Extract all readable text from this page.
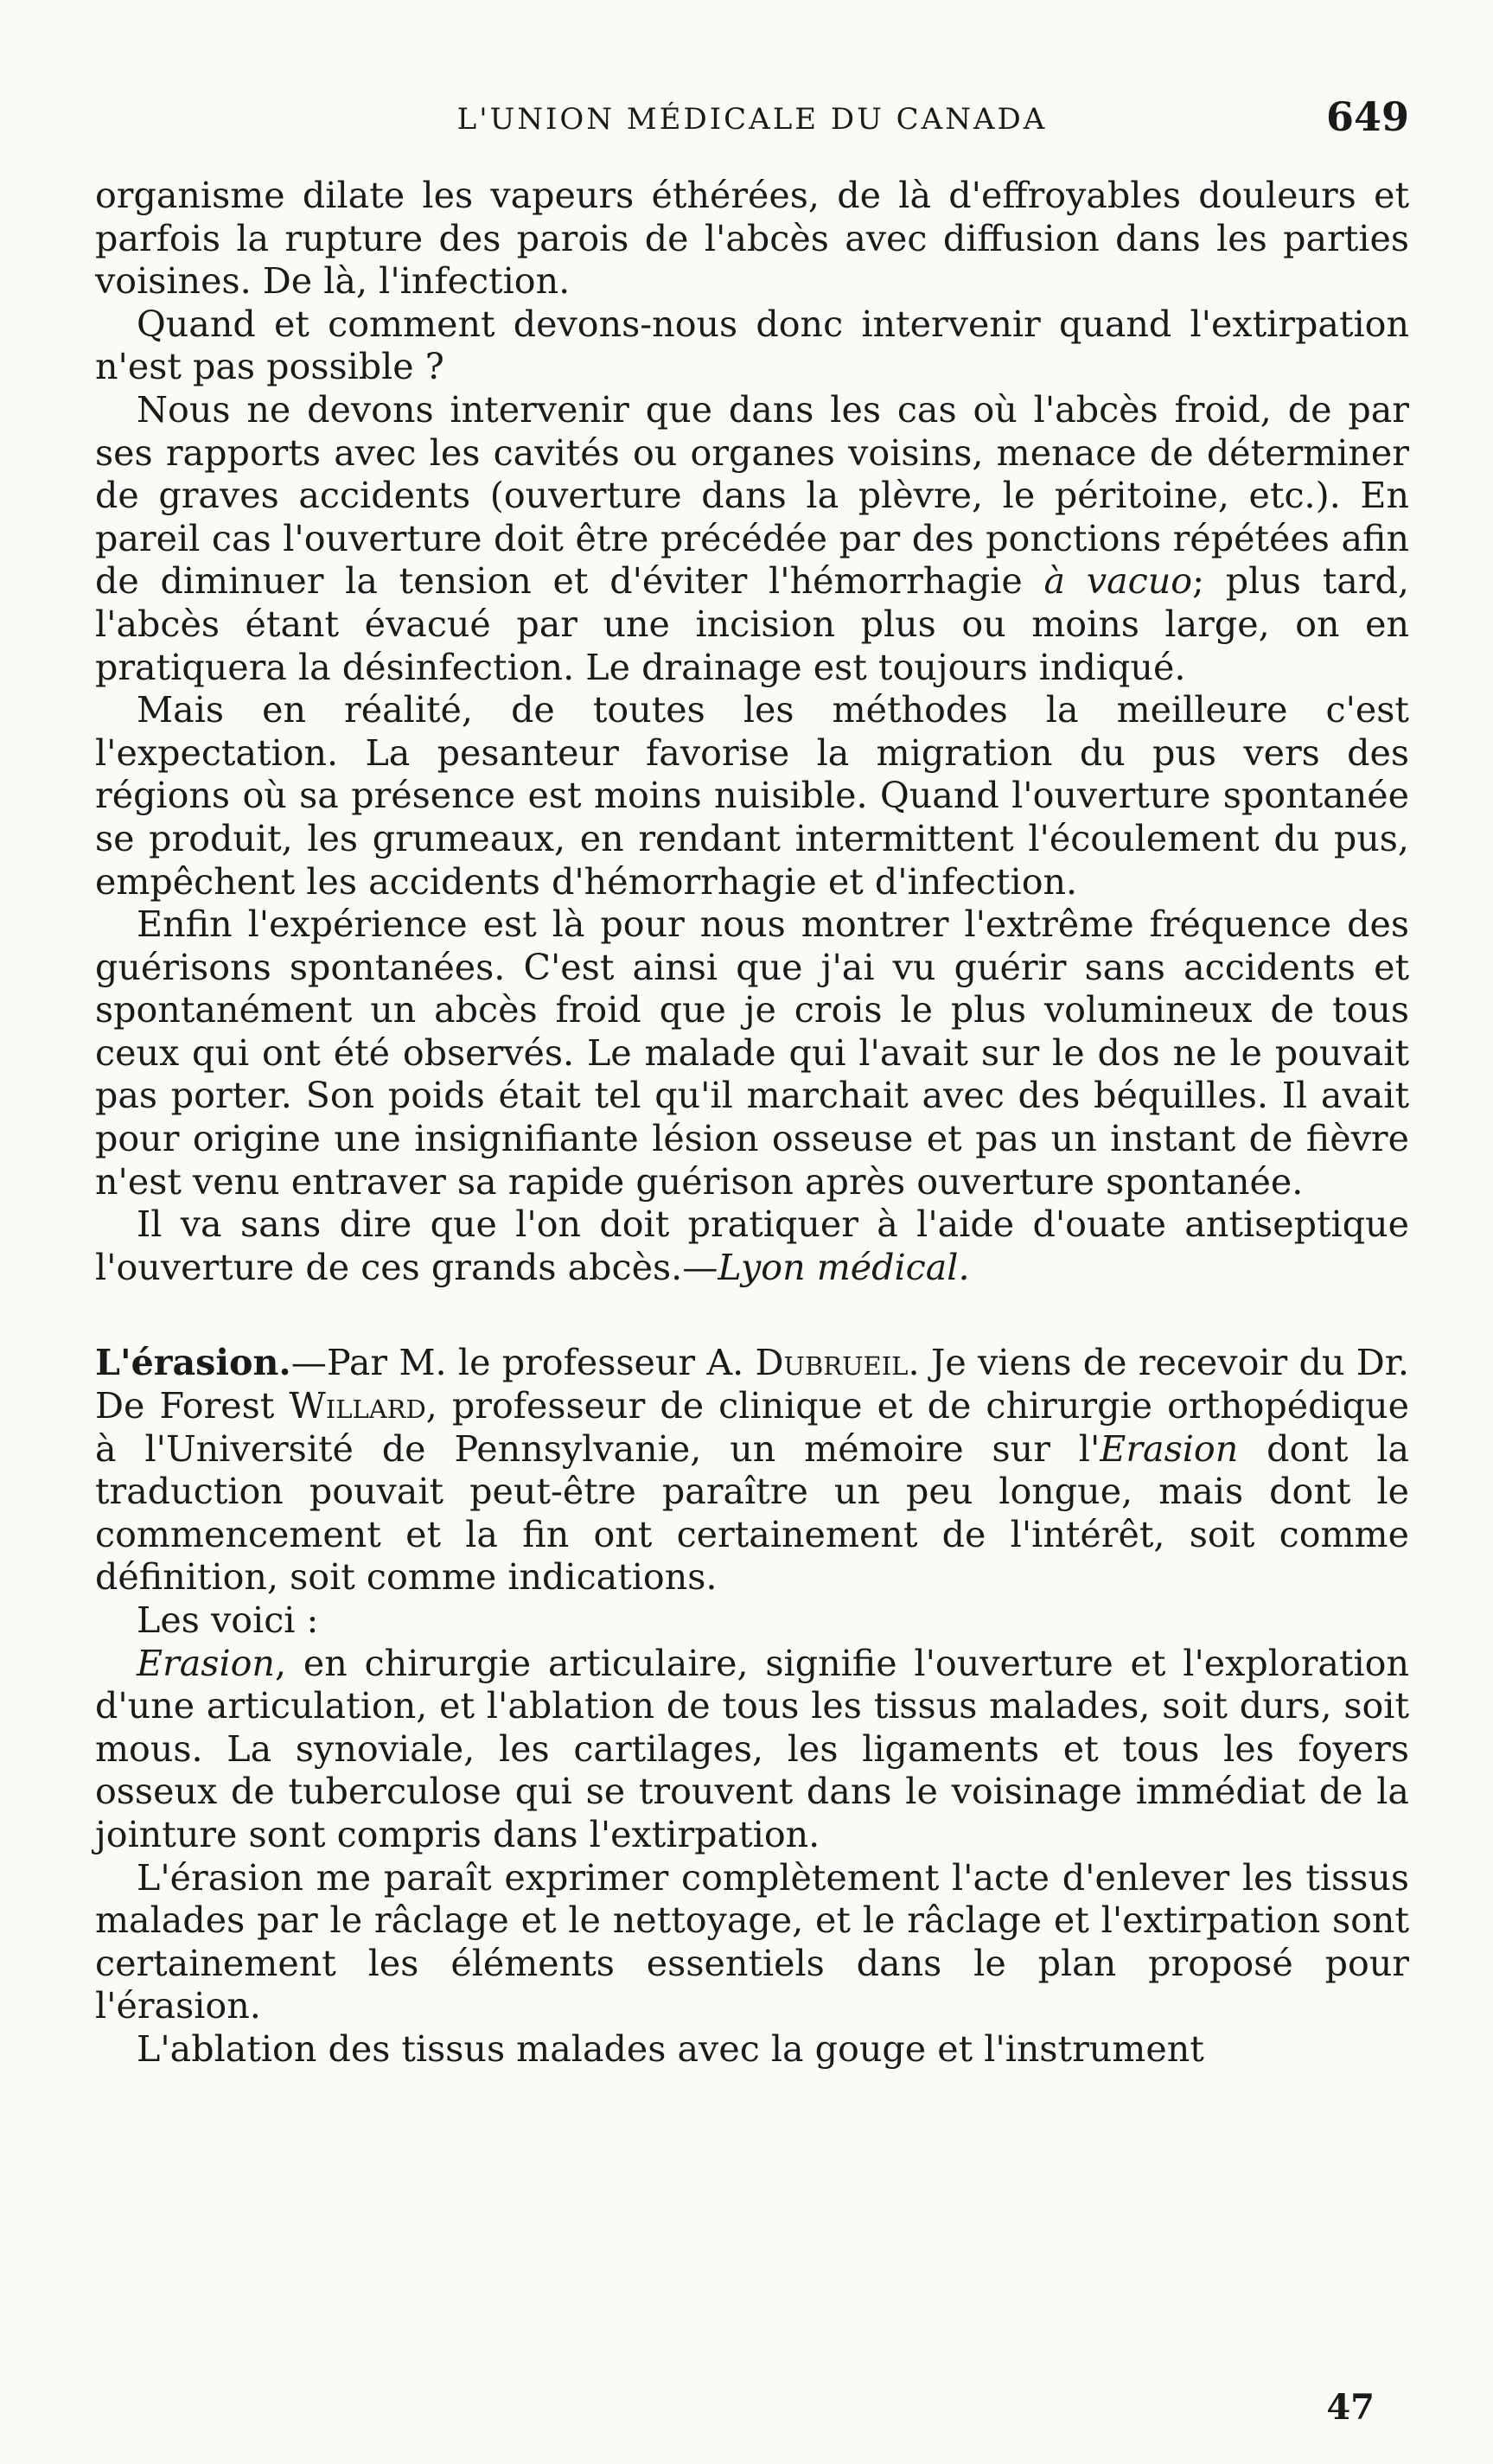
L'UNION MÉDICALE DU CANADA	649

organisme dilate les vapeurs éthérées, de là d'effroyables douleurs et parfois la rupture des parois de l'abcès avec diffusion dans les parties voisines. De là, l'infection.

Quand et comment devons-nous donc intervenir quand l'extirpation n'est pas possible ?

Nous ne devons intervenir que dans les cas où l'abcès froid, de par ses rapports avec les cavités ou organes voisins, menace de déterminer de graves accidents (ouverture dans la plèvre, le péritoine, etc.). En pareil cas l'ouverture doit être précédée par des ponctions répétées afin de diminuer la tension et d'éviter l'hémorrhagie à vacuo; plus tard, l'abcès étant évacué par une incision plus ou moins large, on en pratiquera la désinfection. Le drainage est toujours indiqué.

Mais en réalité, de toutes les méthodes la meilleure c'est l'expectation. La pesanteur favorise la migration du pus vers des régions où sa présence est moins nuisible. Quand l'ouverture spontanée se produit, les grumeaux, en rendant intermittent l'écoulement du pus, empêchent les accidents d'hémorrhagie et d'infection.

Enfin l'expérience est là pour nous montrer l'extrême fréquence des guérisons spontanées. C'est ainsi que j'ai vu guérir sans accidents et spontanément un abcès froid que je crois le plus volumineux de tous ceux qui ont été observés. Le malade qui l'avait sur le dos ne le pouvait pas porter. Son poids était tel qu'il marchait avec des béquilles. Il avait pour origine une insignifiante lésion osseuse et pas un instant de fièvre n'est venu entraver sa rapide guérison après ouverture spontanée.

Il va sans dire que l'on doit pratiquer à l'aide d'ouate antiseptique l'ouverture de ces grands abcès.—Lyon médical.

L'érasion.—Par M. le professeur A. Dubrueil. Je viens de recevoir du Dr. De Forest Willard, professeur de clinique et de chirurgie orthopédique à l'Université de Pennsylvanie, un mémoire sur l'Erasion dont la traduction pouvait peut-être paraître un peu longue, mais dont le commencement et la fin ont certainement de l'intérêt, soit comme définition, soit comme indications.

Les voici :

Erasion, en chirurgie articulaire, signifie l'ouverture et l'exploration d'une articulation, et l'ablation de tous les tissus malades, soit durs, soit mous. La synoviale, les cartilages, les ligaments et tous les foyers osseux de tuberculose qui se trouvent dans le voisinage immédiat de la jointure sont compris dans l'extirpation.

L'érasion me paraît exprimer complètement l'acte d'enlever les tissus malades par le râclage et le nettoyage, et le râclage et l'extirpation sont certainement les éléments essentiels dans le plan proposé pour l'érasion.

L'ablation des tissus malades avec la gouge et l'instrument

47
